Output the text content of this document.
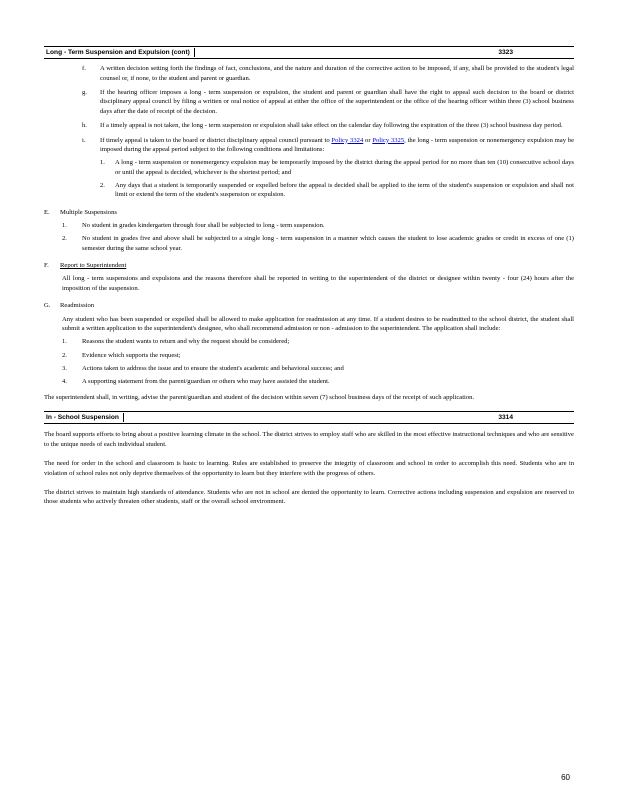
Long - Term Suspension and Expulsion (cont)	3323
f.	A written decision setting forth the findings of fact, conclusions, and the nature and duration of the corrective action to be imposed, if any, shall be provided to the student's legal counsel or, if none, to the student and parent or guardian.
g.	If the hearing officer imposes a long - term suspension or expulsion, the student and parent or guardian shall have the right to appeal such decision to the board or district disciplinary appeal council by filing a written or oral notice of appeal at either the office of the superintendent or the office of the hearing officer within three (3) school business days after the date of receipt of the decision.
h.	If a timely appeal is not taken, the long - term suspension or expulsion shall take effect on the calendar day following the expiration of the three (3) school business day period.
i.	If timely appeal is taken to the board or district disciplinary appeal council pursuant to Policy 3324 or Policy 3325, the long - term suspension or nonemergency expulsion may be imposed during the appeal period subject to the following conditions and limitations:
1.	A long - term suspension or nonemergency expulsion may be temporarily imposed by the district during the appeal period for no more than ten (10) consecutive school days or until the appeal is decided, whichever is the shortest period; and
2.	Any days that a student is temporarily suspended or expelled before the appeal is decided shall be applied to the term of the student's suspension or expulsion and shall not limit or extend the term of the student's suspension or expulsion.
E.	Multiple Suspensions
1.	No student in grades kindergarten through four shall be subjected to long - term suspension.
2.	No student in grades five and above shall be subjected to a single long - term suspension in a manner which causes the student to lose academic grades or credit in excess of one (1) semester during the same school year.
F.	Report to Superintendent
All long - term suspensions and expulsions and the reasons therefore shall be reported in writing to the superintendent of the district or designee within twenty - four (24) hours after the imposition of the suspension.
G.	Readmission
Any student who has been suspended or expelled shall be allowed to make application for readmission at any time. If a student desires to be readmitted to the school district, the student shall submit a written application to the superintendent's designee, who shall recommend admission or non - admission to the superintendent. The application shall include:
1.	Reasons the student wants to return and why the request should be considered;
2.	Evidence which supports the request;
3.	Actions taken to address the issue and to ensure the student's academic and behavioral success; and
4.	A supporting statement from the parent/guardian or others who may have assisted the student.
The superintendent shall, in writing, advise the parent/guardian and student of the decision within seven (7) school business days of the receipt of such application.
In - School Suspension	3314
The board supports efforts to bring about a positive learning climate in the school. The district strives to employ staff who are skilled in the most effective instructional techniques and who are sensitive to the unique needs of each individual student.
The need for order in the school and classroom is basic to learning. Rules are established to preserve the integrity of classroom and school in order to accomplish this need. Students who are in violation of school rules not only deprive themselves of the opportunity to learn but they interfere with the progress of others.
The district strives to maintain high standards of attendance. Students who are not in school are denied the opportunity to learn. Corrective actions including suspension and expulsion are reserved to those students who actively threaten other students, staff or the overall school environment.
60
